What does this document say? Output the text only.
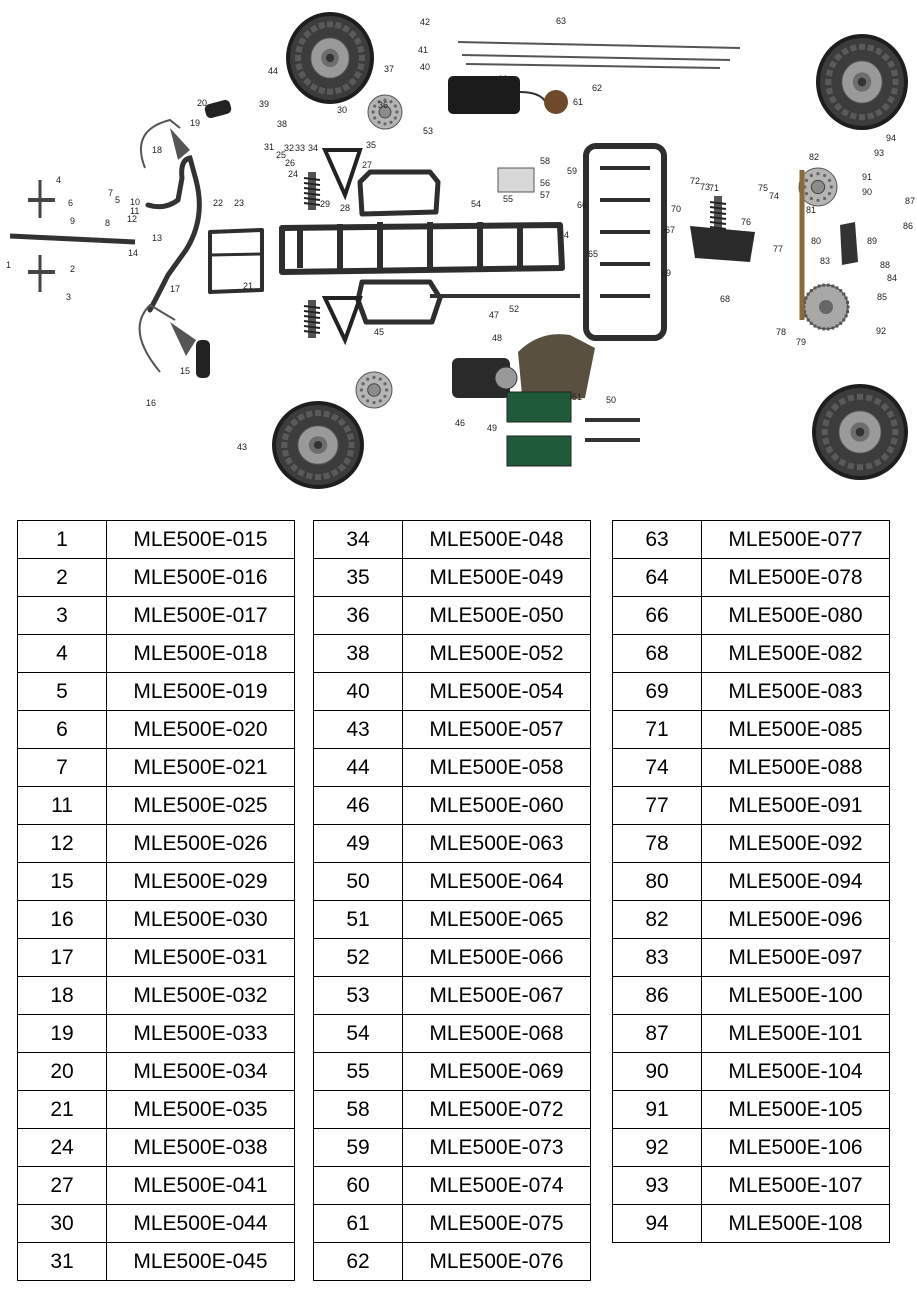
1	2
3
4
5
6
7
8
9
10
11
12
13
14
15
16
17
18
19
20
21
22 23
24
25
26	27
28
29
30
31 32 33 34	35
36
37
38
39
40
41
42
43
44
45
46
47
48
49
50
51
52
53
54 55
56
57
58
59
60
61
62
63
64
65
66
67
68
69
70
71
72
73
74
75
76
77
78
79
80
81
82
83
84
85
86
87
88
89
90
91
92
93
94
1	MLE500E-015
2	MLE500E-016
3	MLE500E-017
4	MLE500E-018
5	MLE500E-019
6	MLE500E-020
7	MLE500E-021
11	MLE500E-025
12	MLE500E-026
15	MLE500E-029
16	MLE500E-030
17	MLE500E-031
18	MLE500E-032
19	MLE500E-033
20	MLE500E-034
21	MLE500E-035
24	MLE500E-038
27	MLE500E-041
30	MLE500E-044
31	MLE500E-045
34	MLE500E-048
35	MLE500E-049
36	MLE500E-050
38	MLE500E-052
40	MLE500E-054
43	MLE500E-057
44	MLE500E-058
46	MLE500E-060
49	MLE500E-063
50	MLE500E-064
51	MLE500E-065
52	MLE500E-066
53	MLE500E-067
54	MLE500E-068
55	MLE500E-069
58	MLE500E-072
59	MLE500E-073
60	MLE500E-074
61	MLE500E-075
62	MLE500E-076
63	MLE500E-077
64	MLE500E-078
66	MLE500E-080
68	MLE500E-082
69	MLE500E-083
71	MLE500E-085
74	MLE500E-088
77	MLE500E-091
78	MLE500E-092
80	MLE500E-094
82	MLE500E-096
83	MLE500E-097
86	MLE500E-100
87	MLE500E-101
90	MLE500E-104
91	MLE500E-105
92	MLE500E-106
93	MLE500E-107
94	MLE500E-108
